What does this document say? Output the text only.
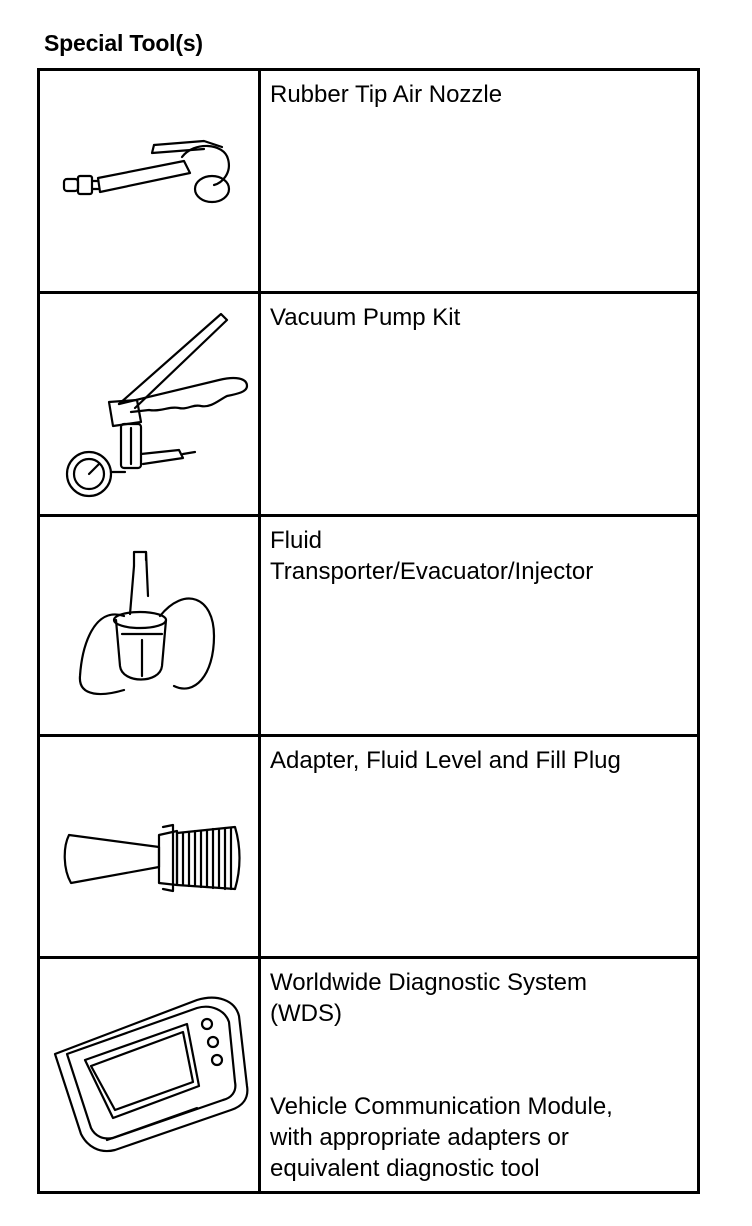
Special Tool(s)

Rubber Tip Air Nozzle

Vacuum Pump Kit

Fluid

Transporter/Evacuator/Injector

Adapter, Fluid Level and Fill Plug

Worldwide Diagnostic System

(WDS)

Vehicle Communication Module,

with appropriate adapters or

equivalent diagnostic tool
